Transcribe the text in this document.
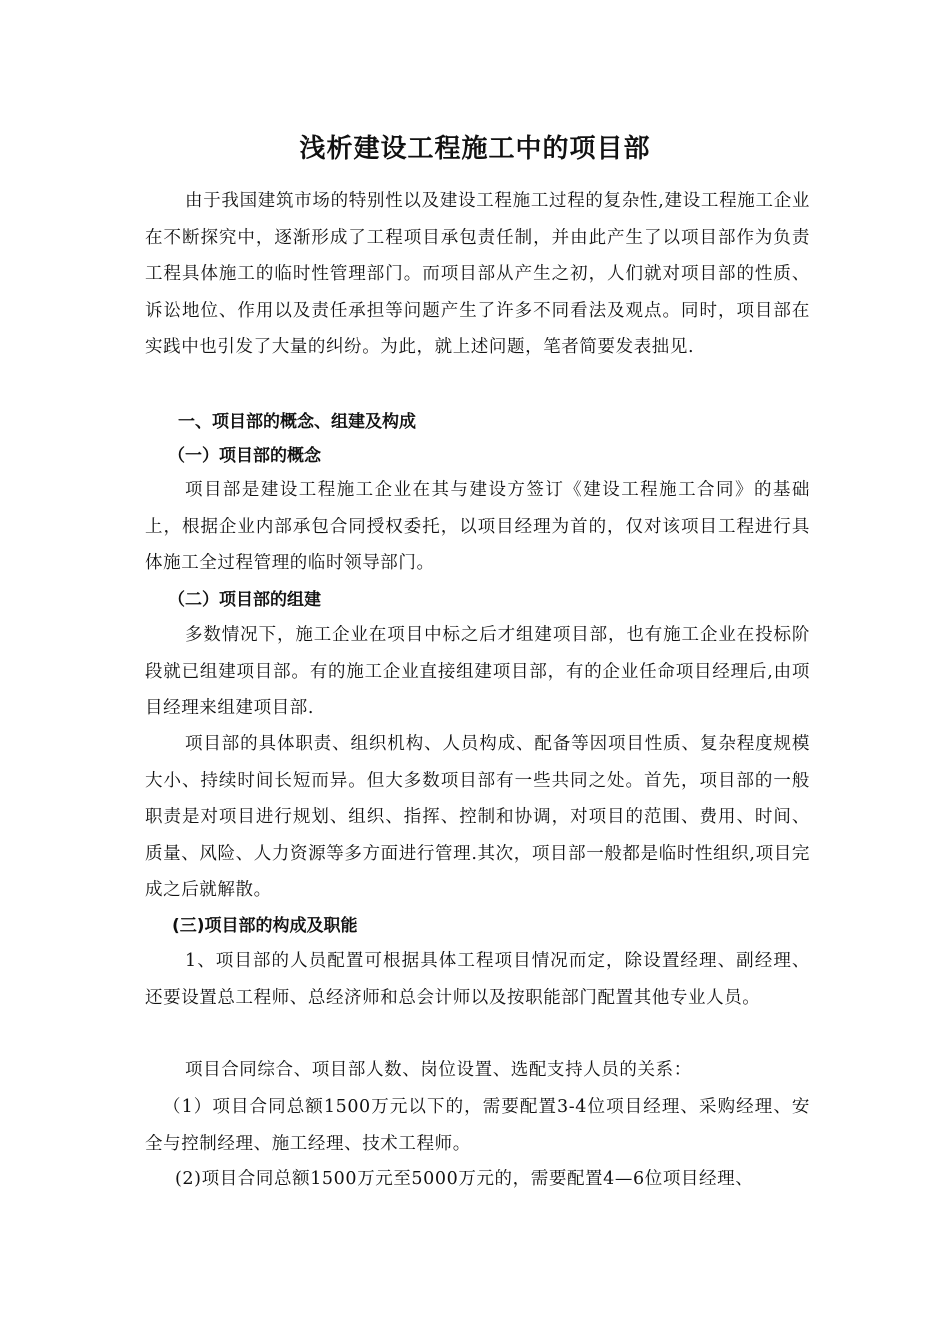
浅析建设工程施工中的项目部
由于我国建筑市场的特别性以及建设工程施工过程的复杂性,建设工程施工企业在不断探究中，逐渐形成了工程项目承包责任制，并由此产生了以项目部作为负责工程具体施工的临时性管理部门。而项目部从产生之初，人们就对项目部的性质、诉讼地位、作用以及责任承担等问题产生了许多不同看法及观点。同时，项目部在实践中也引发了大量的纠纷。为此，就上述问题，笔者简要发表拙见.
一、项目部的概念、组建及构成
（一）项目部的概念
项目部是建设工程施工企业在其与建设方签订《建设工程施工合同》的基础上，根据企业内部承包合同授权委托，以项目经理为首的，仅对该项目工程进行具体施工全过程管理的临时领导部门。
（二）项目部的组建
多数情况下，施工企业在项目中标之后才组建项目部，也有施工企业在投标阶段就已组建项目部。有的施工企业直接组建项目部，有的企业任命项目经理后,由项目经理来组建项目部.
项目部的具体职责、组织机构、人员构成、配备等因项目性质、复杂程度规模大小、持续时间长短而异。但大多数项目部有一些共同之处。首先，项目部的一般职责是对项目进行规划、组织、指挥、控制和协调，对项目的范围、费用、时间、质量、风险、人力资源等多方面进行管理.其次，项目部一般都是临时性组织,项目完成之后就解散。
(三)项目部的构成及职能
1、项目部的人员配置可根据具体工程项目情况而定，除设置经理、副经理、还要设置总工程师、总经济师和总会计师以及按职能部门配置其他专业人员。
项目合同综合、项目部人数、岗位设置、选配支持人员的关系：
（1）项目合同总额1500万元以下的，需要配置3-4位项目经理、采购经理、安全与控制经理、施工经理、技术工程师。
(2)项目合同总额1500万元至5000万元的，需要配置4—6位项目经理、
